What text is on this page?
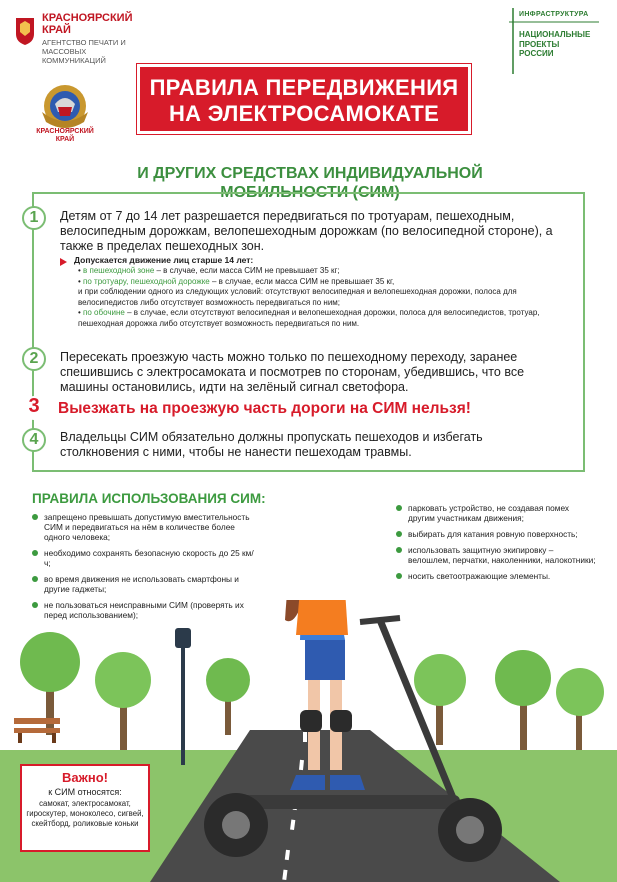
КРАСНОЯРСКИЙ КРАЙ
АГЕНТСТВО ПЕЧАТИ И МАССОВЫХ КОММУНИКАЦИЙ
КРАСНОЯРСКИЙ КРАЙ
ИНФРАСТРУКТУРА
НАЦИОНАЛЬНЫЕ ПРОЕКТЫ РОССИИ
ПРАВИЛА ПЕРЕДВИЖЕНИЯ
НА ЭЛЕКТРОСАМОКАТЕ
И ДРУГИХ СРЕДСТВАХ ИНДИВИДУАЛЬНОЙ
МОБИЛЬНОСТИ (СИМ)
1	Детям от 7 до 14 лет разрешается передвигаться по тротуарам, пешеходным, велосипедным дорожкам, велопешеходным дорожкам (по велосипедной стороне), а также в пределах пешеходных зон.
Допускается движение лиц старше 14 лет:
• в пешеходной зоне – в случае, если масса СИМ не превышает 35 кг;
• по тротуару, пешеходной дорожке – в случае, если масса СИМ не превышает 35 кг,
и при соблюдении одного из следующих условий: отсутствуют велосипедная и велопешеходная дорожки, полоса для велосипедистов либо отсутствует возможность передвигаться по ним;
• по обочине – в случае, если отсутствуют велосипедная и велопешеходная дорожки, полоса для велосипедистов, тротуар, пешеходная дорожка либо отсутствует возможность передвигаться по ним.
2	Пересекать проезжую часть можно только по пешеходному переходу, заранее спешившись с электросамоката и посмотрев по сторонам, убедившись, что все машины остановились, идти на зелёный сигнал светофора.
3	Выезжать на проезжую часть дороги на СИМ нельзя!
4	Владельцы СИМ обязательно должны пропускать пешеходов и избегать столкновения с ними, чтобы не нанести пешеходам травмы.
ПРАВИЛА ИСПОЛЬЗОВАНИЯ СИМ:
запрещено превышать допустимую вместительность СИМ и передвигаться на нём в количестве более одного человека;
необходимо сохранять безопасную скорость до 25 км/ч;
во время движения не использовать смартфоны и другие гаджеты;
не пользоваться неисправными СИМ (проверять их перед использованием);
парковать устройство, не создавая помех другим участникам движения;
выбирать для катания ровную поверхность;
использовать защитную экипировку – велошлем, перчатки, наколенники, налокотники;
носить светоотражающие элементы.
Важно!
к СИМ относятся:
самокат, электросамокат, гироскутер, моноколесо, сигвей, скейтборд, роликовые коньки
